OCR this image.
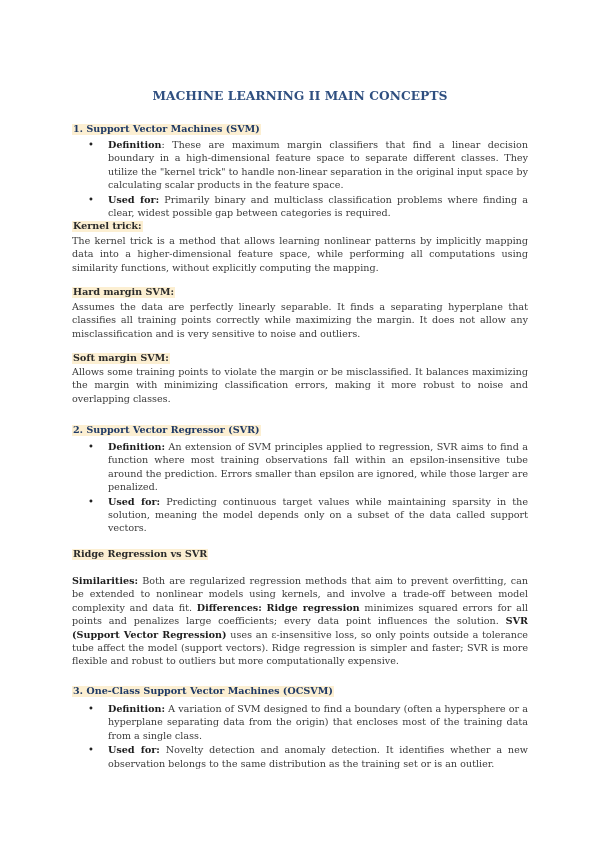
MACHINE LEARNING II MAIN CONCEPTS
1. Support Vector Machines (SVM)
• Definition: These are maximum margin classifiers that find a linear decision boundary in a high-dimensional feature space to separate different classes. They utilize the "kernel trick" to handle non-linear separation in the original input space by calculating scalar products in the feature space.
• Used for: Primarily binary and multiclass classification problems where finding a clear, widest possible gap between categories is required.
Kernel trick:
The kernel trick is a method that allows learning nonlinear patterns by implicitly mapping data into a higher-dimensional feature space, while performing all computations using similarity functions, without explicitly computing the mapping.
Hard margin SVM:
Assumes the data are perfectly linearly separable. It finds a separating hyperplane that classifies all training points correctly while maximizing the margin. It does not allow any misclassification and is very sensitive to noise and outliers.
Soft margin SVM:
Allows some training points to violate the margin or be misclassified. It balances maximizing the margin with minimizing classification errors, making it more robust to noise and overlapping classes.
2. Support Vector Regressor (SVR)
• Definition: An extension of SVM principles applied to regression, SVR aims to find a function where most training observations fall within an epsilon-insensitive tube around the prediction. Errors smaller than epsilon are ignored, while those larger are penalized.
• Used for: Predicting continuous target values while maintaining sparsity in the solution, meaning the model depends only on a subset of the data called support vectors.
Ridge Regression vs SVR
Similarities: Both are regularized regression methods that aim to prevent overfitting, can be extended to nonlinear models using kernels, and involve a trade-off between model complexity and data fit. Differences: Ridge regression minimizes squared errors for all points and penalizes large coefficients; every data point influences the solution. SVR (Support Vector Regression) uses an ε-insensitive loss, so only points outside a tolerance tube affect the model (support vectors). Ridge regression is simpler and faster; SVR is more flexible and robust to outliers but more computationally expensive.
3. One-Class Support Vector Machines (OCSVM)
• Definition: A variation of SVM designed to find a boundary (often a hypersphere or a hyperplane separating data from the origin) that encloses most of the training data from a single class.
• Used for: Novelty detection and anomaly detection. It identifies whether a new observation belongs to the same distribution as the training set or is an outlier.
